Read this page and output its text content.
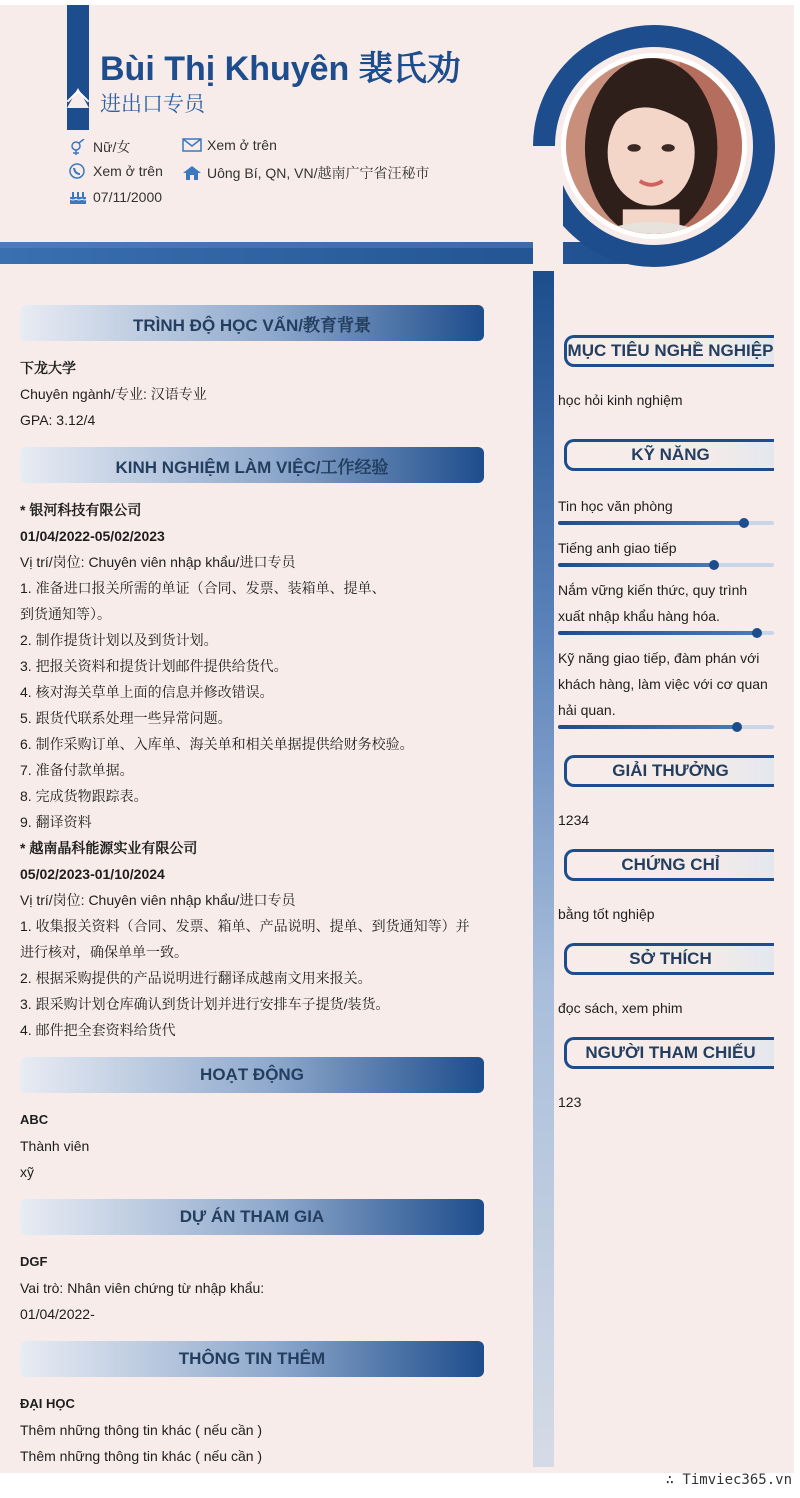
Bùi Thị Khuyên 裴氏劝
进出口专员
Nữ/女	Xem ở trên
Xem ở trên	Uông Bí, QN, VN/越南广宁省汪秘市
07/11/2000
TRÌNH ĐỘ HỌC VẤN/教育背景
下龙大学
Chuyên ngành/专业: 汉语专业
GPA: 3.12/4
KINH NGHIỆM LÀM VIỆC/工作经验
* 银河科技有限公司
01/04/2022-05/02/2023
Vị trí/岗位: Chuyên viên nhập khẩu/进口专员
1. 准备进口报关所需的单证（合同、发票、装箱单、提单、
到货通知等）。
2. 制作提货计划以及到货计划。
3. 把报关资料和提货计划邮件提供给货代。
4. 核对海关草单上面的信息并修改错误。
5. 跟货代联系处理一些异常问题。
6. 制作采购订单、入库单、海关单和相关单据提供给财务校验。
7. 准备付款单据。
8. 完成货物跟踪表。
9. 翻译资料
* 越南晶科能源实业有限公司
05/02/2023-01/10/2024
Vị trí/岗位: Chuyên viên nhập khẩu/进口专员
1. 收集报关资料（合同、发票、箱单、产品说明、提单、到货通知等）并
进行核对，确保单单一致。
2. 根据采购提供的产品说明进行翻译成越南文用来报关。
3. 跟采购计划仓库确认到货计划并进行安排车子提货/装货。
4. 邮件把全套资料给货代
HOẠT ĐỘNG
ABC
Thành viên
xỹ
DỰ ÁN THAM GIA
DGF
Vai trò: Nhân viên chứng từ nhập khẩu:
01/04/2022-
THÔNG TIN THÊM
ĐẠI HỌC
Thêm những thông tin khác ( nếu cần )
Thêm những thông tin khác ( nếu cần )
MỤC TIÊU NGHỀ NGHIỆP
học hỏi kinh nghiệm
KỸ NĂNG
Tin học văn phòng
Tiếng anh giao tiếp
Nắm vững kiến thức, quy trình xuất nhập khẩu hàng hóa.
Kỹ năng giao tiếp, đàm phán với khách hàng, làm việc với cơ quan hải quan.
GIẢI THƯỞNG
1234
CHỨNG CHỈ
bằng tốt nghiệp
SỞ THÍCH
đọc sách, xem phim
NGƯỜI THAM CHIẾU
123
∴ Timviec365.vn
